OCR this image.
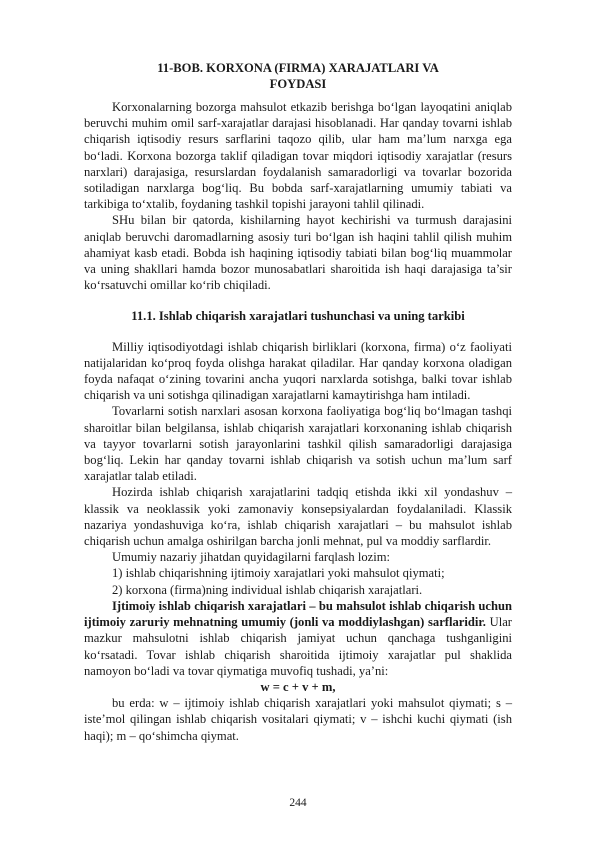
11-BOB. KORXONA (FIRMA) XARAJATLARI VA
FOYDASI

Korxonalarning bozorga mahsulot etkazib berishga bo‘lgan layoqatini aniqlab beruvchi muhim omil sarf-xarajatlar darajasi hisoblanadi. Har qanday tovarni ishlab chiqarish iqtisodiy resurs sarflarini taqozo qilib, ular ham ma’lum narxga ega bo‘ladi. Korxona bozorga taklif qiladigan tovar miqdori iqtisodiy xarajatlar (resurs narxlari) darajasiga, resurslardan foydalanish samaradorligi va tovarlar bozorida sotiladigan narxlarga bog‘liq. Bu bobda sarf-xarajatlarning umumiy tabiati va tarkibiga to‘xtalib, foydaning tashkil topishi jarayoni tahlil qilinadi.

SHu bilan bir qatorda, kishilarning hayot kechirishi va turmush darajasini aniqlab beruvchi daromadlarning asosiy turi bo‘lgan ish haqini tahlil qilish muhim ahamiyat kasb etadi. Bobda ish haqining iqtisodiy tabiati bilan bog‘liq muammolar va uning shakllari hamda bozor munosabatlari sharoitida ish haqi darajasiga ta’sir ko‘rsatuvchi omillar ko‘rib chiqiladi.

11.1. Ishlab chiqarish xarajatlari tushunchasi va uning tarkibi

Milliy iqtisodiyotdagi ishlab chiqarish birliklari (korxona, firma) o‘z faoliyati natijalaridan ko‘proq foyda olishga harakat qiladilar. Har qanday korxona oladigan foyda nafaqat o‘zining tovarini ancha yuqori narxlarda sotishga, balki tovar ishlab chiqarish va uni sotishga qilinadigan xarajatlarni kamaytirishga ham intiladi.

Tovarlarni sotish narxlari asosan korxona faoliyatiga bog‘liq bo‘lmagan tashqi sharoitlar bilan belgilansa, ishlab chiqarish xarajatlari korxonaning ishlab chiqarish va tayyor tovarlarni sotish jarayonlarini tashkil qilish samaradorligi darajasiga bog‘liq. Lekin har qanday tovarni ishlab chiqarish va sotish uchun ma’lum sarf xarajatlar talab etiladi.

Hozirda ishlab chiqarish xarajatlarini tadqiq etishda ikki xil yondashuv – klassik va neoklassik yoki zamonaviy konsepsiyalardan foydalaniladi. Klassik nazariya yondashuviga ko‘ra, ishlab chiqarish xarajatlari – bu mahsulot ishlab chiqarish uchun amalga oshirilgan barcha jonli mehnat, pul va moddiy sarflardir.

Umumiy nazariy jihatdan quyidagilarni farqlash lozim:

1) ishlab chiqarishning ijtimoiy xarajatlari yoki mahsulot qiymati;

2) korxona (firma)ning individual ishlab chiqarish xarajatlari.

Ijtimoiy ishlab chiqarish xarajatlari – bu mahsulot ishlab chiqarish uchun ijtimoiy zaruriy mehnatning umumiy (jonli va moddiylashgan) sarflaridir. Ular mazkur mahsulotni ishlab chiqarish jamiyat uchun qanchaga tushganligini ko‘rsatadi. Tovar ishlab chiqarish sharoitida ijtimoiy xarajatlar pul shaklida namoyon bo‘ladi va tovar qiymatiga muvofiq tushadi, ya’ni:

w = c + v + m,

bu erda: w – ijtimoiy ishlab chiqarish xarajatlari yoki mahsulot qiymati; s – iste’mol qilingan ishlab chiqarish vositalari qiymati; v – ishchi kuchi qiymati (ish haqi); m – qo‘shimcha qiymat.

244
